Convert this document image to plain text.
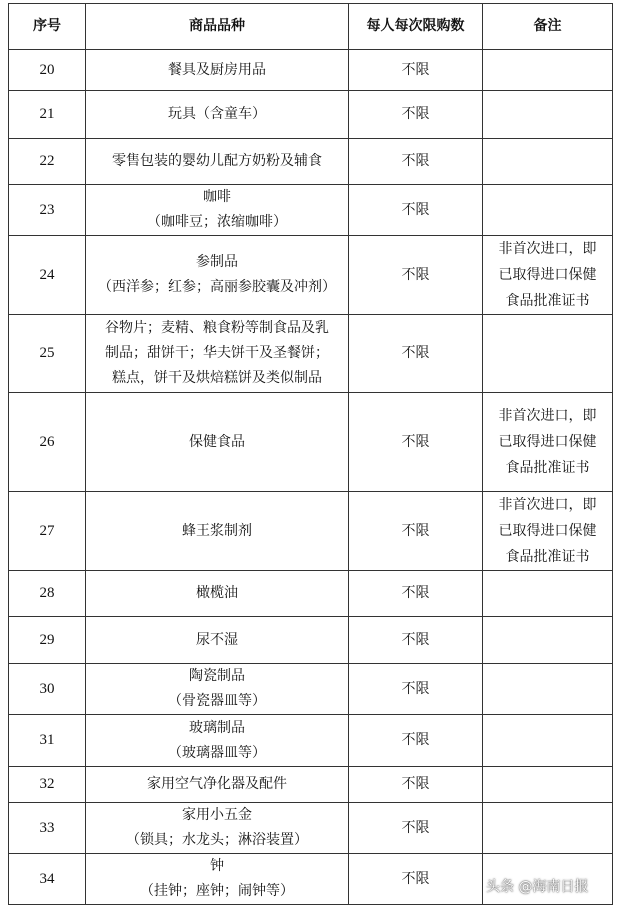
序号	商品品种	每人每次限购数	备注
20	餐具及厨房用品	不限	
21	玩具（含童车）	不限	
22	零售包装的婴幼儿配方奶粉及辅食	不限	
23	咖啡
（咖啡豆；浓缩咖啡）	不限	
24	参制品
（西洋参；红参；高丽参胶囊及冲剂）	不限	非首次进口，即
已取得进口保健
食品批准证书

25	谷物片；麦精、粮食粉等制食品及乳
制品；甜饼干；华夫饼干及圣餐饼；
糕点，饼干及烘焙糕饼及类似制品	不限	
26	保健食品	不限	非首次进口，即
已取得进口保健
食品批准证书

27	蜂王浆制剂	不限	非首次进口，即
已取得进口保健
食品批准证书

28	橄榄油	不限	
29	尿不湿	不限	
30	陶瓷制品
（骨瓷器皿等）	不限	
31	玻璃制品
（玻璃器皿等）	不限	
32	家用空气净化器及配件	不限	
33	家用小五金
（锁具；水龙头；淋浴装置）	不限	
34	钟
（挂钟；座钟；闹钟等）	不限	
头条 @海南日报
